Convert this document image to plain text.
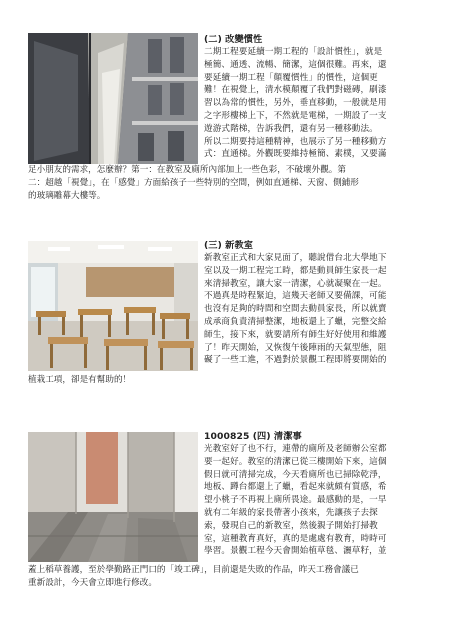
(二) 改變慣性

二期工程要延續一期工程的「設計慣性」，就是

極簡、通透、流暢、簡潔，這個很難。再來，還

要延續一期工程「顛覆慣性」的慣性，這個更

難！在視覺上，清水模顛覆了我們對磁磚，刷漆

習以為常的慣性，另外，垂直移動，一般就是用

之字形樓梯上下，不然就是電梯，一期設了一支

遊游式階梯，告訴我們，還有另一種移動法。

所以二期要持這種精神，也展示了另一種移動方

式：直通梯。外觀既要維持極簡、素樸，又要滿

足小朋友的需求，怎麼辦？第一：在教室及廁所內部加上一些色彩，不破壞外觀。第

二：超越「視覺」，在「感覺」方面給孩子一些特別的空間，例如直通梯、天窗、側鋪形

的玻璃雕幕大樓等。

(三) 新教室

新教室正式和大家見面了，聽說借台北大學地下

室以及一期工程完工時，都是動員師生家長一起

來清掃教室，讓大家一清潔，心就凝聚在一起。

不過真是時程緊迫，這幾天老師又要備課，可能

也沒有足夠的時間和空間去動員家長，所以就賣

成承商負責清掃整潔，地板還上了蠟，完整交給

師生，接下來，就要請所有師生好好使用和維護

了！昨天開始，又恢復午後陣雨的天氣型態，阻

礙了一些工進，不過對於景觀工程即將要開始的

植栽工項，卻是有幫助的！

1000825 (四) 清潔事

光教室好了也不行，連帶的廁所及老師辦公室都

要一起好。教室的清潔已從三樓開始下來，這個

假日就可清掃完成，今天看廁所也已掃除乾淨，

地板、蹲台都還上了蠟，看起來就頗有質感，希

望小桃子不再視上廁所畏途。最感動的是，一早

就有二年級的家長帶著小孩來，先讓孩子去探

索，發現自己的新教室，然後親子開始打掃教

室，這種教育真好，真的是處處有教育，時時可

學習。景觀工程今天會開始植草毯、灑草籽，並

蓋上稻草養護，至於學勤路正門口的「竣工碑」，目前還是失敗的作品，昨天工務會議已

重新設計，今天會立即進行修改。
